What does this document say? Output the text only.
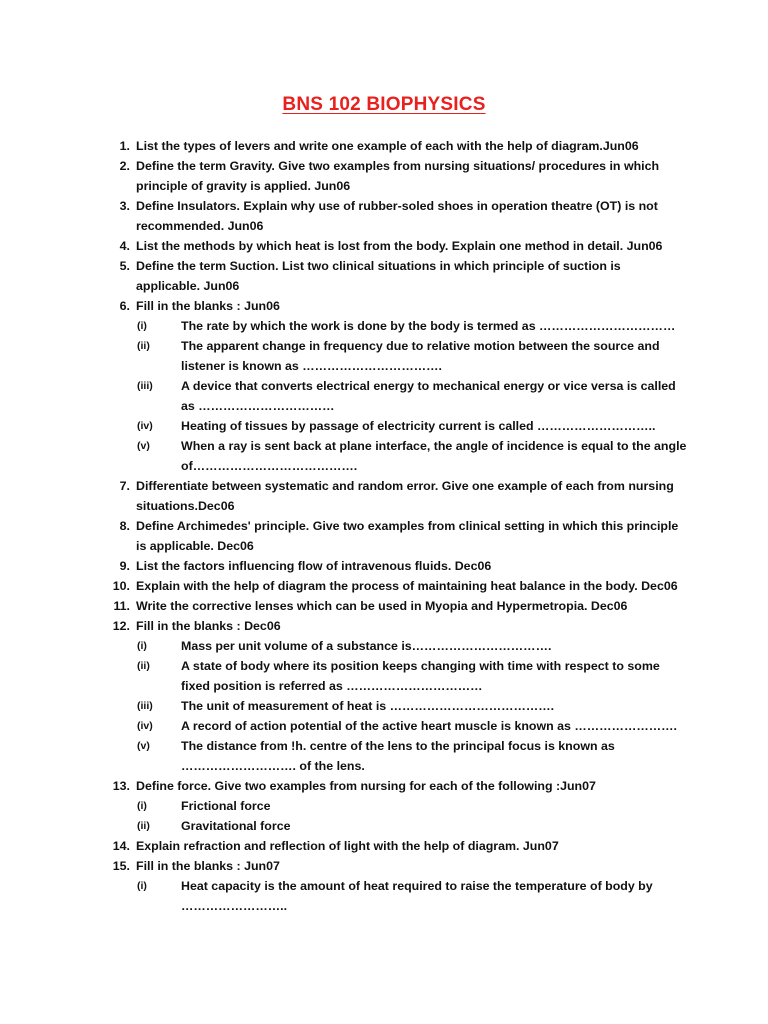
BNS 102 BIOPHYSICS
1. List the types of levers and write one example of each with the help of diagram.Jun06
2. Define the term Gravity. Give two examples from nursing situations/ procedures in which principle of gravity is applied. Jun06
3. Define Insulators. Explain why use of rubber-soled shoes in operation theatre (OT) is not recommended. Jun06
4. List the methods by which heat is lost from the body. Explain one method in detail. Jun06
5. Define the term Suction. List two clinical situations in which principle of suction is applicable. Jun06
6. Fill in the blanks : Jun06
(i)	The rate by which the work is done by the body is termed as ……………………………
(ii)	The apparent change in frequency due to relative motion between the source and listener is known as …………………………….
(iii) A device that converts electrical energy to mechanical energy or vice versa is called as ……………………………
(iv) Heating of tissues by passage of electricity current is called ………………………..
(v)	When a ray is sent back at plane interface, the angle of incidence is equal to the angle of………………………………….
7. Differentiate between systematic and random error. Give one example of each from nursing situations.Dec06
8. Define Archimedes' principle. Give two examples from clinical setting in which this principle is applicable. Dec06
9. List the factors influencing flow of intravenous fluids. Dec06
10. Explain with the help of diagram the process of maintaining heat balance in the body. Dec06
11. Write the corrective lenses which can be used in Myopia and Hypermetropia. Dec06
12. Fill in the blanks : Dec06
(i)	Mass per unit volume of a substance is…………………………….
(ii)	A state of body where its position keeps changing with time with respect to some fixed position is referred as ……………………………
(iii) The unit of measurement of heat is ………………………………….
(iv) A record of action potential of the active heart muscle is known as …………………….
(v)	The distance from !h. centre of the lens to the principal focus is known as ………………………. of the lens.
13. Define force. Give two examples from nursing for each of the following :Jun07
(i)	Frictional force
(ii)	Gravitational force
14. Explain refraction and reflection of light with the help of diagram. Jun07
15. Fill in the blanks : Jun07
(i)	Heat capacity is the amount of heat required to raise the temperature of body by ……………………..
